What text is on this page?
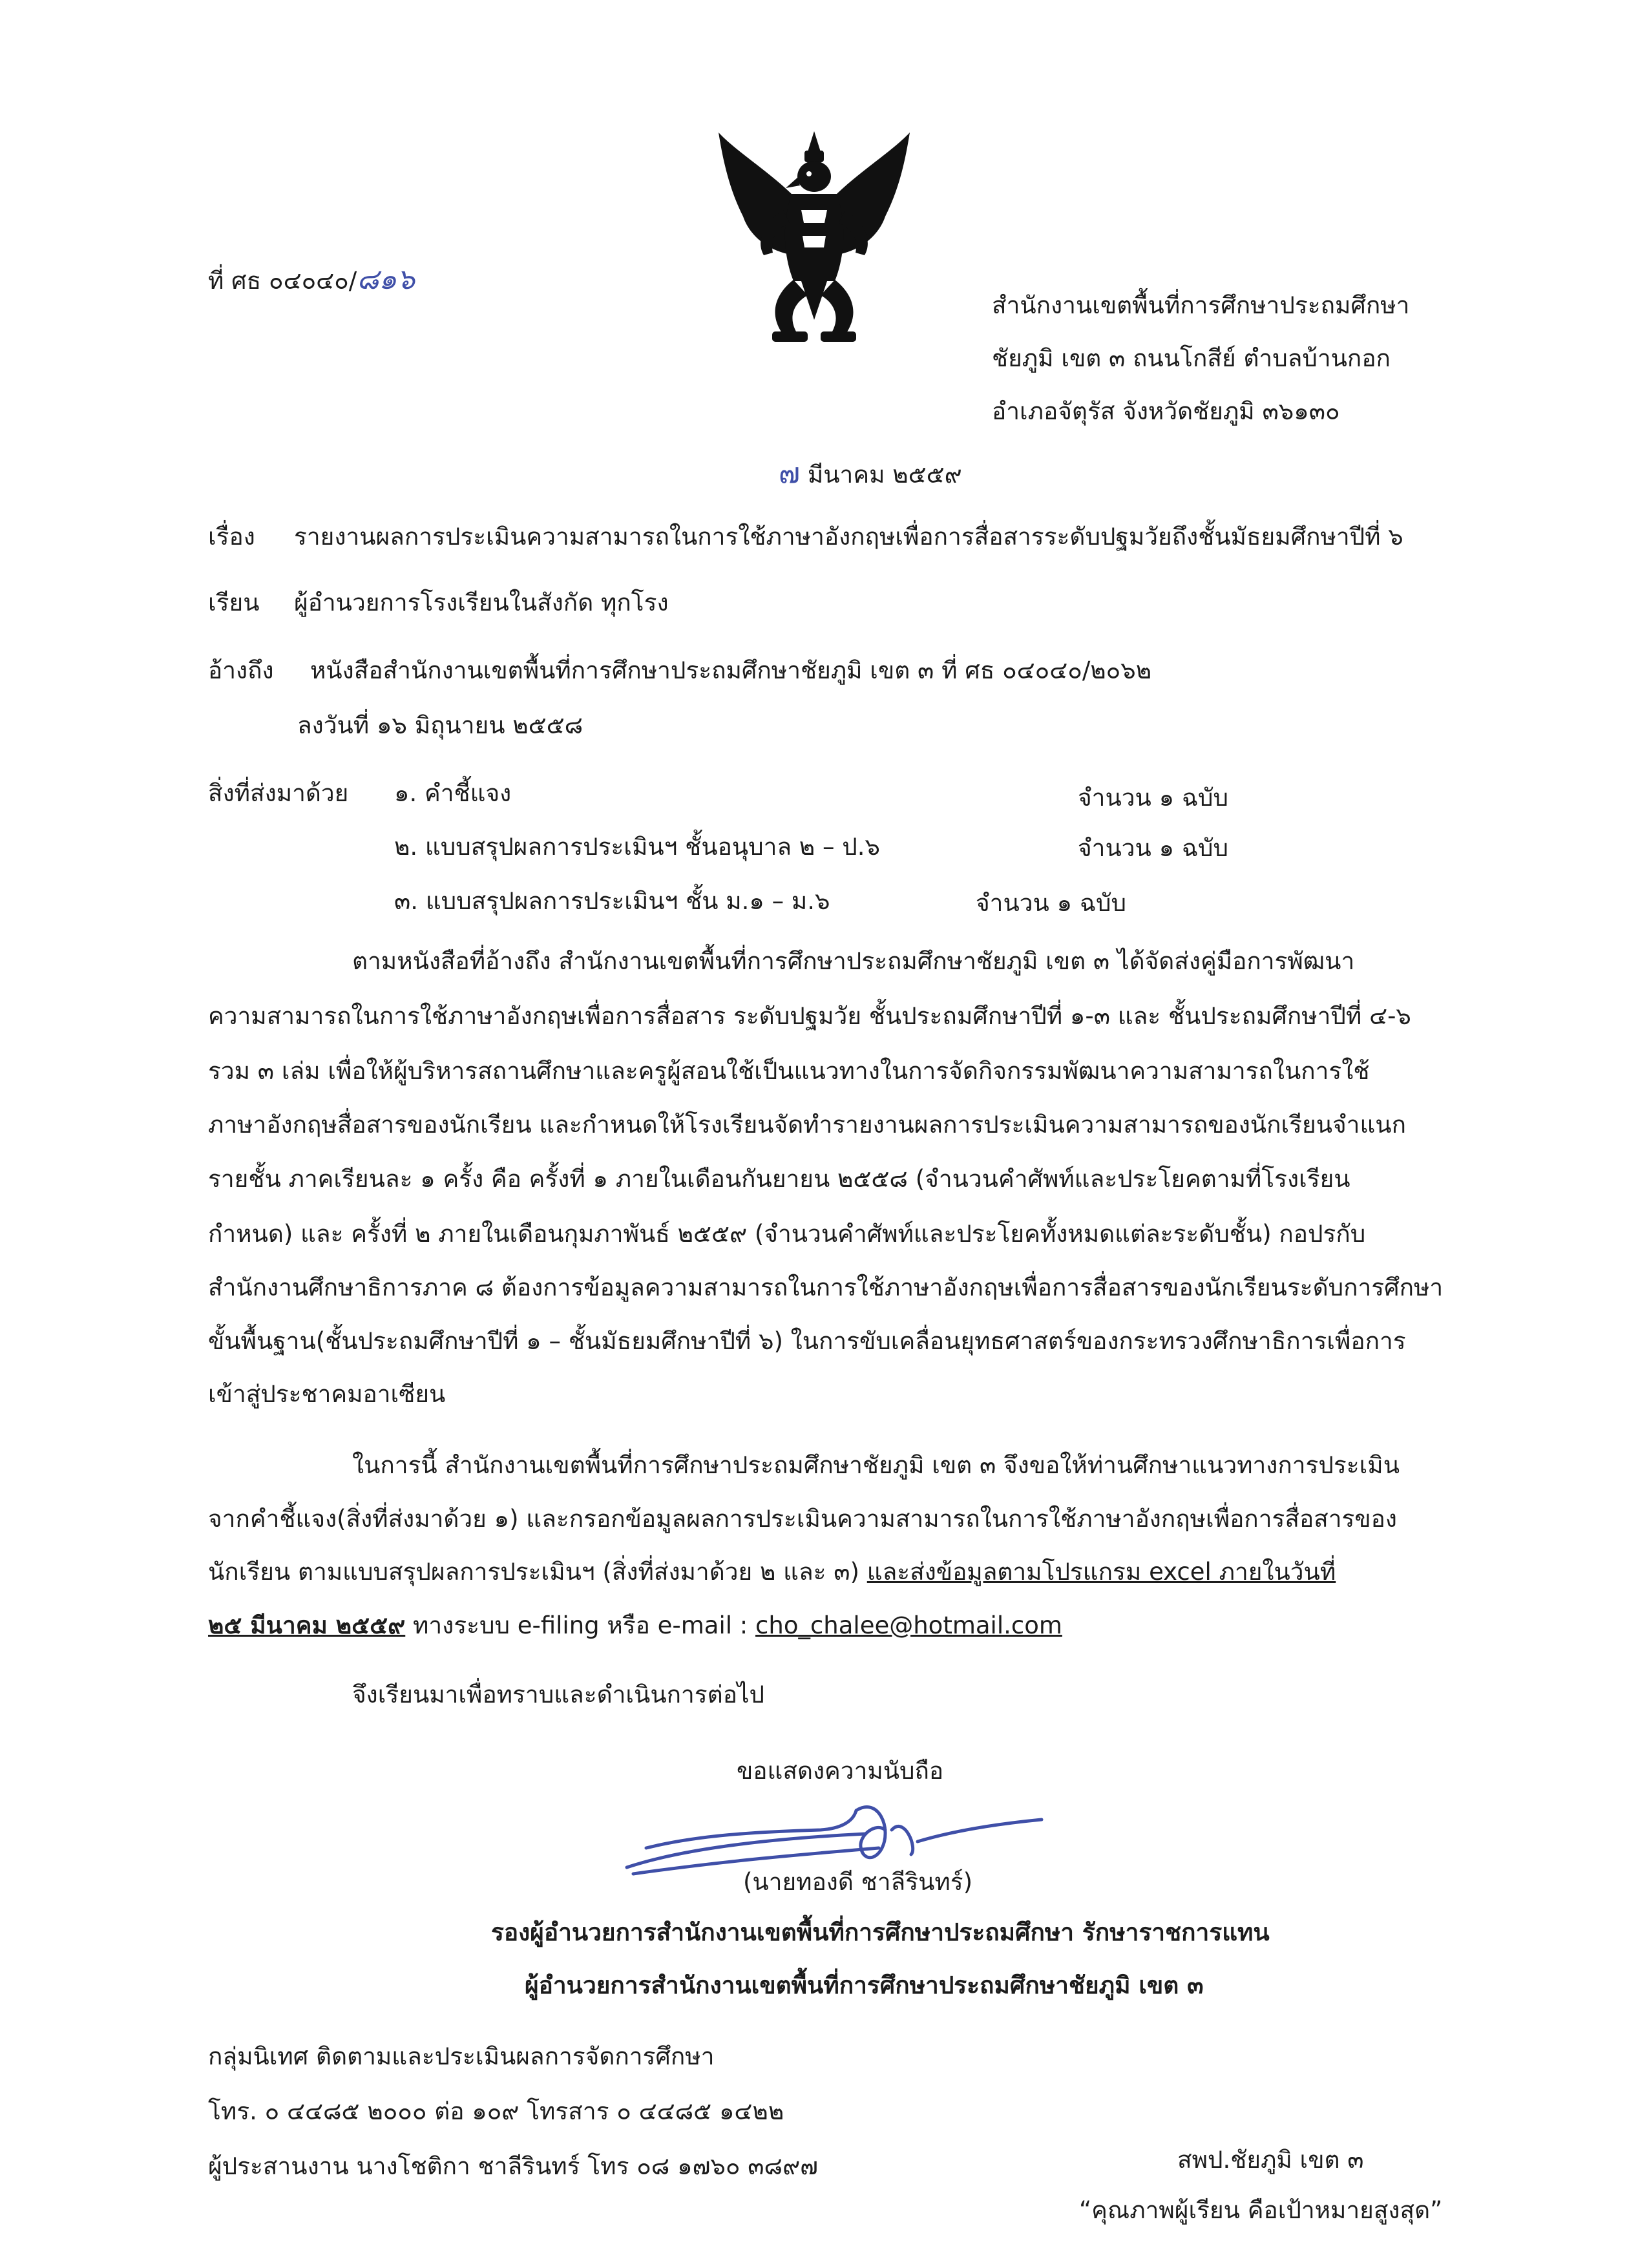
ที่ ศธ ๐๔๐๔๐/๘๑๖
สำนักงานเขตพื้นที่การศึกษาประถมศึกษา
ชัยภูมิ เขต ๓ ถนนโกสีย์ ตำบลบ้านกอก
อำเภอจัตุรัส จังหวัดชัยภูมิ ๓๖๑๓๐
๗ มีนาคม ๒๕๕๙
เรื่อง รายงานผลการประเมินความสามารถในการใช้ภาษาอังกฤษเพื่อการสื่อสารระดับปฐมวัยถึงชั้นมัธยมศึกษาปีที่ ๖
เรียน ผู้อำนวยการโรงเรียนในสังกัด ทุกโรง
อ้างถึง หนังสือสำนักงานเขตพื้นที่การศึกษาประถมศึกษาชัยภูมิ เขต ๓ ที่ ศธ ๐๔๐๔๐/๒๐๖๒
ลงวันที่ ๑๖ มิถุนายน ๒๕๕๘
สิ่งที่ส่งมาด้วย ๑. คำชี้แจง	จำนวน ๑ ฉบับ
๒. แบบสรุปผลการประเมินฯ ชั้นอนุบาล ๒ – ป.๖	จำนวน ๑ ฉบับ
๓. แบบสรุปผลการประเมินฯ ชั้น ม.๑ – ม.๖	จำนวน ๑ ฉบับ
ตามหนังสือที่อ้างถึง สำนักงานเขตพื้นที่การศึกษาประถมศึกษาชัยภูมิ เขต ๓ ได้จัดส่งคู่มือการพัฒนา
ความสามารถในการใช้ภาษาอังกฤษเพื่อการสื่อสาร ระดับปฐมวัย ชั้นประถมศึกษาปีที่ ๑-๓ และ ชั้นประถมศึกษาปีที่ ๔-๖
รวม ๓ เล่ม เพื่อให้ผู้บริหารสถานศึกษาและครูผู้สอนใช้เป็นแนวทางในการจัดกิจกรรมพัฒนาความสามารถในการใช้
ภาษาอังกฤษสื่อสารของนักเรียน และกำหนดให้โรงเรียนจัดทำรายงานผลการประเมินความสามารถของนักเรียนจำแนก
รายชั้น ภาคเรียนละ ๑ ครั้ง คือ ครั้งที่ ๑ ภายในเดือนกันยายน ๒๕๕๘ (จำนวนคำศัพท์และประโยคตามที่โรงเรียน
กำหนด) และ ครั้งที่ ๒ ภายในเดือนกุมภาพันธ์ ๒๕๕๙ (จำนวนคำศัพท์และประโยคทั้งหมดแต่ละระดับชั้น) กอปรกับ
สำนักงานศึกษาธิการภาค ๘ ต้องการข้อมูลความสามารถในการใช้ภาษาอังกฤษเพื่อการสื่อสารของนักเรียนระดับการศึกษา
ขั้นพื้นฐาน(ชั้นประถมศึกษาปีที่ ๑ – ชั้นมัธยมศึกษาปีที่ ๖) ในการขับเคลื่อนยุทธศาสตร์ของกระทรวงศึกษาธิการเพื่อการ
เข้าสู่ประชาคมอาเซียน
ในการนี้ สำนักงานเขตพื้นที่การศึกษาประถมศึกษาชัยภูมิ เขต ๓ จึงขอให้ท่านศึกษาแนวทางการประเมิน
จากคำชี้แจง(สิ่งที่ส่งมาด้วย ๑) และกรอกข้อมูลผลการประเมินความสามารถในการใช้ภาษาอังกฤษเพื่อการสื่อสารของ
นักเรียน ตามแบบสรุปผลการประเมินฯ (สิ่งที่ส่งมาด้วย ๒ และ ๓) และส่งข้อมูลตามโปรแกรม excel ภายในวันที่
๒๕ มีนาคม ๒๕๕๙ ทางระบบ e-filing หรือ e-mail : cho_chalee@hotmail.com
จึงเรียนมาเพื่อทราบและดำเนินการต่อไป
ขอแสดงความนับถือ
(นายทองดี ชาลีรินทร์)
รองผู้อำนวยการสำนักงานเขตพื้นที่การศึกษาประถมศึกษา รักษาราชการแทน
ผู้อำนวยการสำนักงานเขตพื้นที่การศึกษาประถมศึกษาชัยภูมิ เขต ๓
กลุ่มนิเทศ ติดตามและประเมินผลการจัดการศึกษา
โทร. ๐ ๔๔๘๕ ๒๐๐๐ ต่อ ๑๐๙ โทรสาร ๐ ๔๔๘๕ ๑๔๒๒
ผู้ประสานงาน นางโชติกา ชาลีรินทร์ โทร ๐๘ ๑๗๖๐ ๓๘๙๗	สพป.ชัยภูมิ เขต ๓
“คุณภาพผู้เรียน คือเป้าหมายสูงสุด”
